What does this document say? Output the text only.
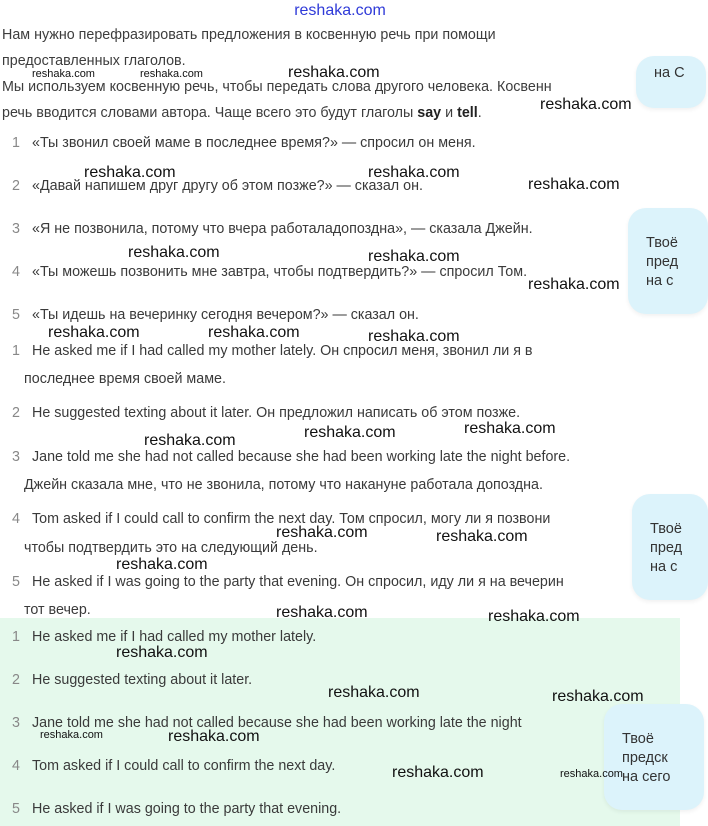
reshaka.com
Нам нужно перефразировать предложения в косвенную речь при помощи
предоставленных глаголов.
Мы используем косвенную речь, чтобы передать слова другого человека. Косвенн
речь вводится словами автора. Чаще всего это будут глаголы say и tell.
1 «Ты звонил своей маме в последнее время?» — спросил он меня.
2 «Давай напишем друг другу об этом позже?» — сказал он.
3 «Я не позвонила, потому что вчера работаладопоздна», — сказала Джейн.
4 «Ты можешь позвонить мне завтра, чтобы подтвердить?» — спросил Том.
5 «Ты идешь на вечеринку сегодня вечером?» — сказал он.
1 He asked me if I had called my mother lately. Он спросил меня, звонил ли я в
последнее время своей маме.
2 He suggested texting about it later. Он предложил написать об этом позже.
3 Jane told me she had not called because she had been working late the night before.
Джейн сказала мне, что не звонила, потому что накануне работала допоздна.
4 Tom asked if I could call to confirm the next day. Том спросил, могу ли я позвони
чтобы подтвердить это на следующий день.
5 He asked if I was going to the party that evening. Он спросил, иду ли я на вечерин
тот вечер.
1 He asked me if I had called my mother lately.
2 He suggested texting about it later.
3 Jane told me she had not called because she had been working late the night
4 Tom asked if I could call to confirm the next day.
5 He asked if I was going to the party that evening.
на С
Твоё
пред
на с
Твоё
пред
на с
Твоё
предск
на сего
reshaka.com
reshaka.com	reshaka.com
reshaka.com
reshaka.com	reshaka.com
reshaka.com
reshaka.com	reshaka.com
reshaka.com
reshaka.com	reshaka.com	reshaka.com
reshaka.com	reshaka.com	reshaka.com
reshaka.com	reshaka.com
reshaka.com
reshaka.com	reshaka.com
reshaka.com
reshaka.com	reshaka.com
reshaka.com	reshaka.com
reshaka.com	reshaka.com
